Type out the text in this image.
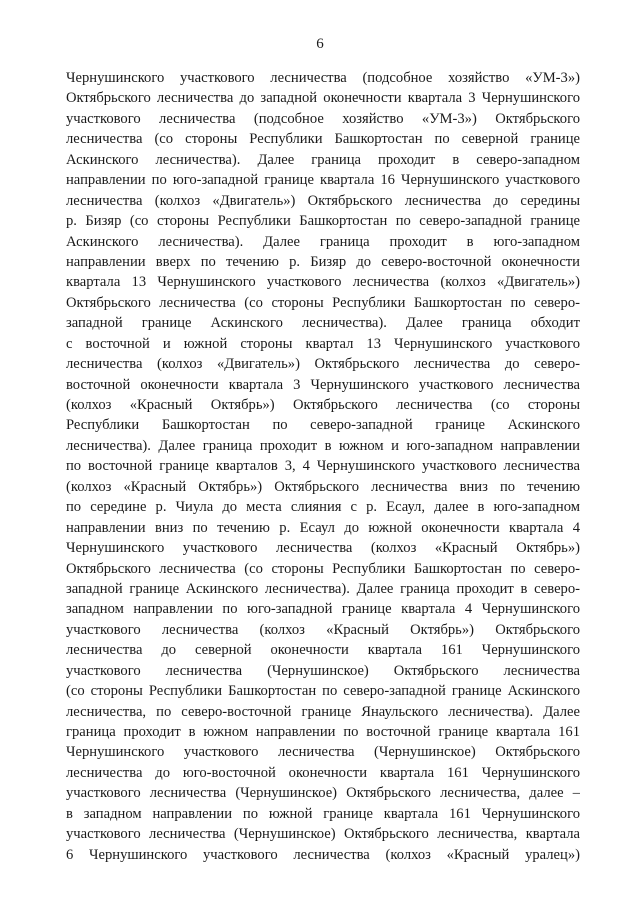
6
Чернушинского участкового лесничества (подсобное хозяйство «УМ-3»)
Октябрьского лесничества до западной оконечности квартала 3 Чернушинского
участкового лесничества (подсобное хозяйство «УМ-3») Октябрьского
лесничества (со стороны Республики Башкортостан по северной границе
Аскинского лесничества). Далее граница проходит в северо-западном
направлении по юго-западной границе квартала 16 Чернушинского участкового
лесничества (колхоз «Двигатель») Октябрьского лесничества до середины
р. Бизяр (со стороны Республики Башкортостан по северо-западной границе
Аскинского лесничества). Далее граница проходит в юго-западном
направлении вверх по течению р. Бизяр до северо-восточной оконечности
квартала 13 Чернушинского участкового лесничества (колхоз «Двигатель»)
Октябрьского лесничества (со стороны Республики Башкортостан по северо-
западной границе Аскинского лесничества). Далее граница обходит
с восточной и южной стороны квартал 13 Чернушинского участкового
лесничества (колхоз «Двигатель») Октябрьского лесничества до северо-
восточной оконечности квартала 3 Чернушинского участкового лесничества
(колхоз «Красный Октябрь») Октябрьского лесничества (со стороны
Республики Башкортостан по северо-западной границе Аскинского
лесничества). Далее граница проходит в южном и юго-западном направлении
по восточной границе кварталов 3, 4 Чернушинского участкового лесничества
(колхоз «Красный Октябрь») Октябрьского лесничества вниз по течению
по середине р. Чиула до места слияния с р. Есаул, далее в юго-западном
направлении вниз по течению р. Есаул до южной оконечности квартала 4
Чернушинского участкового лесничества (колхоз «Красный Октябрь»)
Октябрьского лесничества (со стороны Республики Башкортостан по северо-
западной границе Аскинского лесничества). Далее граница проходит в северо-
западном направлении по юго-западной границе квартала 4 Чернушинского
участкового лесничества (колхоз «Красный Октябрь») Октябрьского
лесничества до северной оконечности квартала 161 Чернушинского
участкового лесничества (Чернушинское) Октябрьского лесничества
(со стороны Республики Башкортостан по северо-западной границе Аскинского
лесничества, по северо-восточной границе Янаульского лесничества). Далее
граница проходит в южном направлении по восточной границе квартала 161
Чернушинского участкового лесничества (Чернушинское) Октябрьского
лесничества до юго-восточной оконечности квартала 161 Чернушинского
участкового лесничества (Чернушинское) Октябрьского лесничества, далее –
в западном направлении по южной границе квартала 161 Чернушинского
участкового лесничества (Чернушинское) Октябрьского лесничества, квартала
6 Чернушинского участкового лесничества (колхоз «Красный уралец»)
